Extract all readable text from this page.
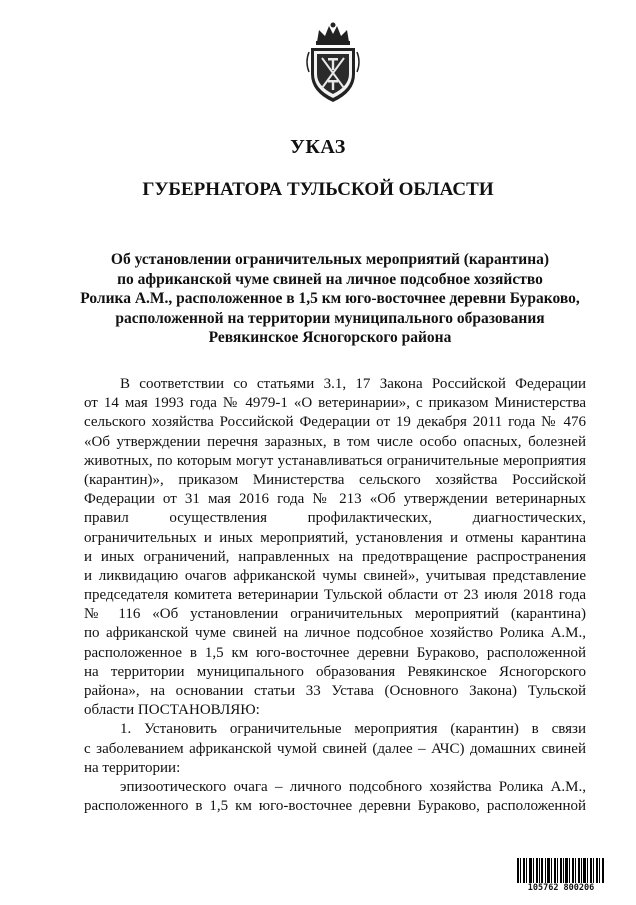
УКАЗ
ГУБЕРНАТОРА ТУЛЬСКОЙ ОБЛАСТИ
Об установлении ограничительных мероприятий (карантина)
по африканской чуме свиней на личное подсобное хозяйство
Ролика А.М., расположенное в 1,5 км юго-восточнее деревни Бураково,
расположенной на территории муниципального образования
Ревякинское Ясногорского района
В соответствии со статьями 3.1, 17 Закона Российской Федерации
от 14 мая 1993 года № 4979-1 «О ветеринарии», с приказом Министерства
сельского хозяйства Российской Федерации от 19 декабря 2011 года № 476
«Об утверждении перечня заразных, в том числе особо опасных, болезней
животных, по которым могут устанавливаться ограничительные мероприятия
(карантин)», приказом Министерства сельского хозяйства Российской
Федерации от 31 мая 2016 года № 213 «Об утверждении ветеринарных
правил осуществления профилактических, диагностических,
ограничительных и иных мероприятий, установления и отмены карантина
и иных ограничений, направленных на предотвращение распространения
и ликвидацию очагов африканской чумы свиней», учитывая представление
председателя комитета ветеринарии Тульской области от 23 июля 2018 года
№ 116 «Об установлении ограничительных мероприятий (карантина)
по африканской чуме свиней на личное подсобное хозяйство Ролика А.М.,
расположенное в 1,5 км юго-восточнее деревни Бураково, расположенной
на территории муниципального образования Ревякинское Ясногорского
района», на основании статьи 33 Устава (Основного Закона) Тульской
области ПОСТАНОВЛЯЮ:
1. Установить ограничительные мероприятия (карантин) в связи
с заболеванием африканской чумой свиней (далее – АЧС) домашних свиней
на территории:
эпизоотического очага – личного подсобного хозяйства Ролика А.М.,
расположенного в 1,5 км юго-восточнее деревни Бураково, расположенной
105762 800206
